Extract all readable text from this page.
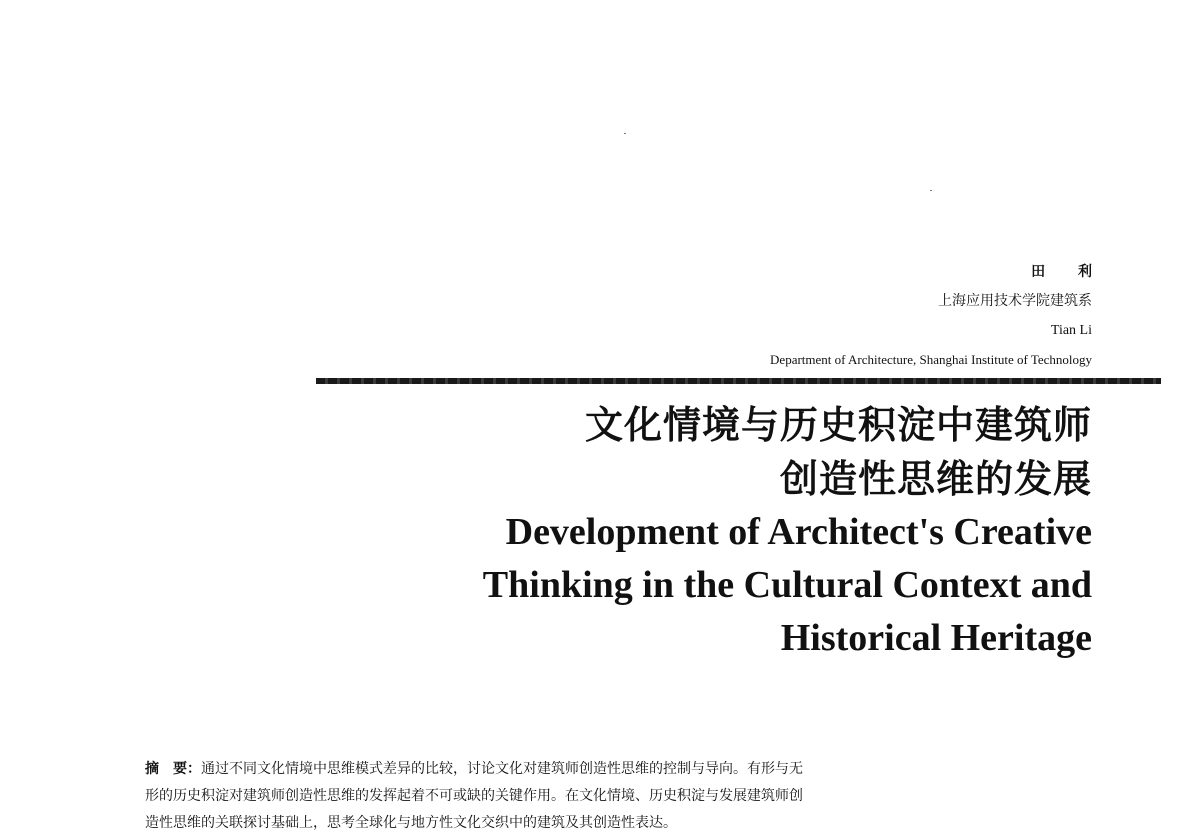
田 利
上海应用技术学院建筑系
Tian Li
Department of Architecture, Shanghai Institute of Technology
文化情境与历史积淀中建筑师
创造性思维的发展
Development of Architect's Creative
Thinking in the Cultural Context and
Historical Heritage

摘　要：通过不同文化情境中思维模式差异的比较，讨论文化对建筑师创造性思维的控制与导向。有形与无

形的历史积淀对建筑师创造性思维的发挥起着不可或缺的关键作用。在文化情境、历史积淀与发展建筑师创

造性思维的关联探讨基础上，思考全球化与地方性文化交织中的建筑及其创造性表达。
